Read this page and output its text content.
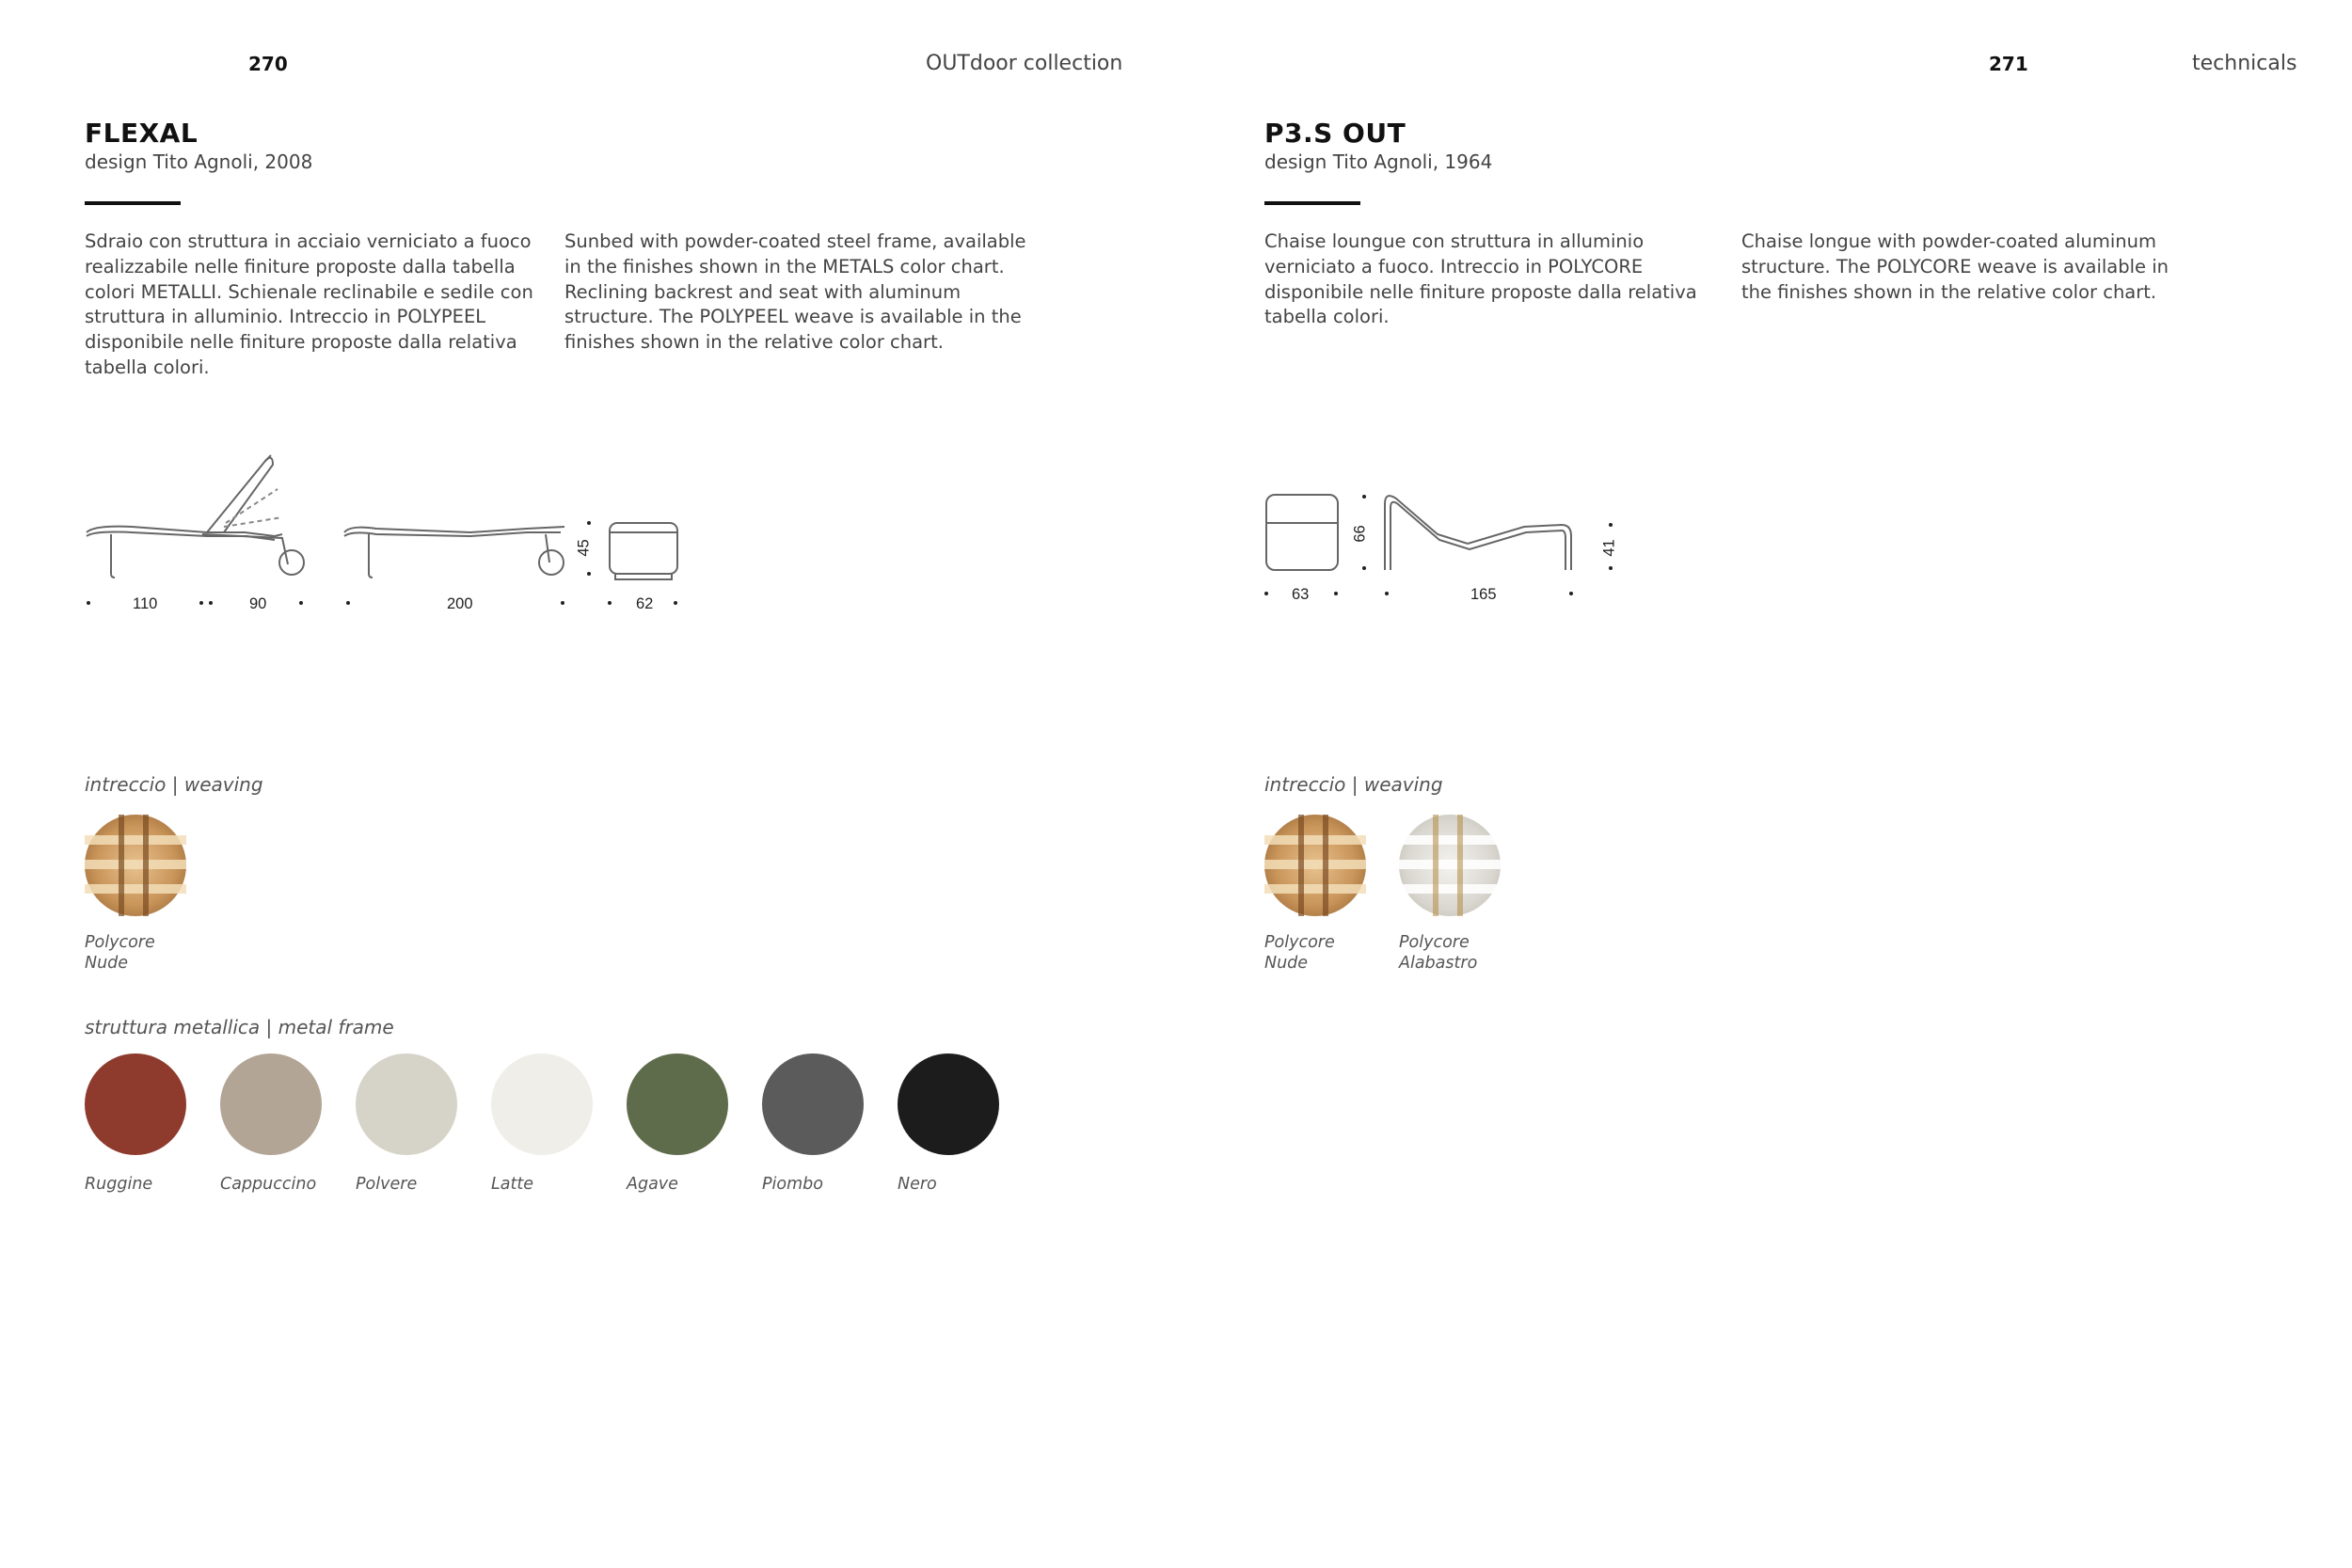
270	OUTdoor collection	271	technicals
FLEXAL
design Tito Agnoli, 2008
Sdraio con struttura in acciaio verniciato a fuoco realizzabile nelle finiture proposte dalla tabella colori METALLI. Schienale reclinabile e sedile con struttura in alluminio. Intreccio in POLYPEEL disponibile nelle finiture proposte dalla relativa tabella colori.
Sunbed with powder-coated steel frame, available in the finishes shown in the METALS color chart. Reclining backrest and seat with aluminum structure. The POLYPEEL weave is available in the finishes shown in the relative color chart.
110	90	200
45
62
intreccio | weaving
Polycore
Nude
struttura metallica | metal frame
Ruggine	Cappuccino	Polvere	Latte	Agave	Piombo	Nero
P3.S OUT
design Tito Agnoli, 1964
Chaise loungue con struttura in alluminio verniciato a fuoco. Intreccio in POLYCORE disponibile nelle finiture proposte dalla relativa tabella colori.
Chaise longue with powder-coated aluminum structure. The POLYCORE weave is available in the finishes shown in the relative color chart.
63
66
165
41
intreccio | weaving
Polycore
Nude
Polycore
Alabastro
